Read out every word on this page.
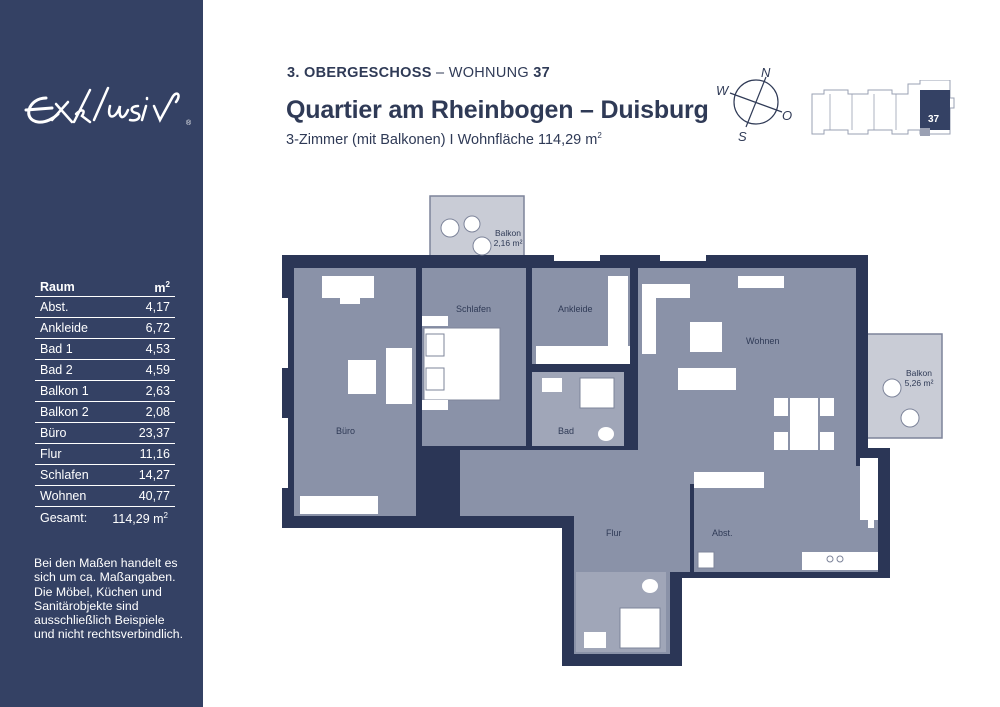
®
Raum	$m^2$
Abst.	4,17
Ankleide	6,72
Bad 1	4,53
Bad 2	4,59
Balkon 1	2,63
Balkon 2	2,08
Büro	23,37
Flur	11,16
Schlafen	14,27
Wohnen	40,77
Gesamt: 114,29 $m^2$
Bei den Maßen handelt es sich um ca. Maßangaben. Die Möbel, Küchen und Sanitärobjekte sind ausschließlich Beispiele und nicht rechtsverbindlich.
3. OBERGESCHOSS – WOHNUNG 37
Quartier am Rheinbogen – Duisburg
3-Zimmer (mit Balkonen) I Wohnfläche 114,29 $m^2$
N
W
O
S
37
Büro
Schlafen	Ankleide
Bad
Wohnen
Flur	Abst.
Balkon
2,16 m²
Balkon
5,26 m²
